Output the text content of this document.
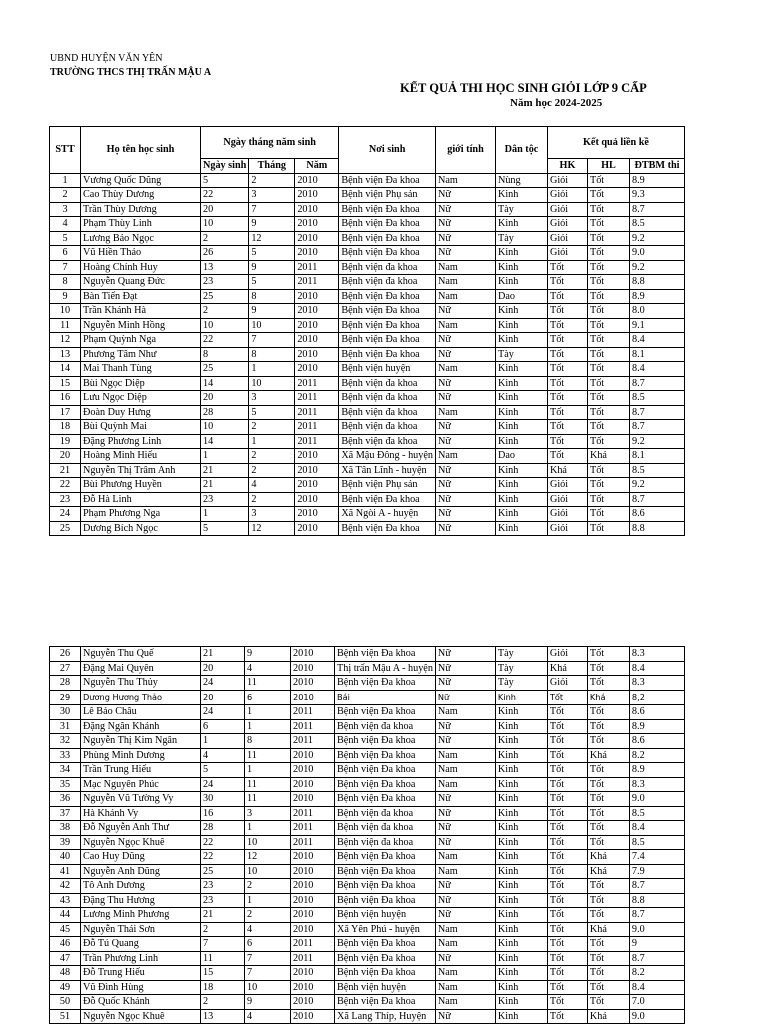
UBND HUYỆN VĂN YÊN
TRƯỜNG THCS THỊ TRẤN MẬU A
KẾT QUẢ THI HỌC SINH GIỎI LỚP 9 CẤP
Năm học 2024-2025
STT	Họ tên học sinh	Ngày tháng năm sinh			Nơi sinh	giới tính	Dân tộc	Kết quả liền kề		
		Ngày sinh	Tháng	Năm				HK	HL	ĐTBM thi
1	Vương Quốc Dũng	5	2	2010	Bệnh viện Đa khoa	Nam	Nùng	Giỏi	Tốt	8.9
2	Cao Thùy Dương	22	3	2010	Bệnh viện Phụ sản	Nữ	Kinh	Giỏi	Tốt	9.3
3	Trần Thùy Dương	20	7	2010	Bệnh viện Đa khoa	Nữ	Tày	Giỏi	Tốt	8.7
4	Phạm Thùy Linh	10	9	2010	Bệnh viện Đa khoa	Nữ	Kinh	Giỏi	Tốt	8.5
5	Lương Bảo Ngọc	2	12	2010	Bệnh viện Đa khoa	Nữ	Tày	Giỏi	Tốt	9.2
6	Vũ Hiền Thảo	26	5	2010	Bệnh viện Đa khoa	Nữ	Kinh	Giỏi	Tốt	9.0
7	Hoàng Chính Huy	13	9	2011	Bệnh viện đa khoa	Nam	Kinh	Tốt	Tốt	9.2
8	Nguyễn Quang Đức	23	5	2011	Bệnh viện đa khoa	Nam	Kinh	Tốt	Tốt	8.8
9	Bàn Tiến Đạt	25	8	2010	Bệnh viện Đa khoa	Nam	Dao	Tốt	Tốt	8.9
10	Trần Khánh Hà	2	9	2010	Bệnh viện Đa khoa	Nữ	Kinh	Tốt	Tốt	8.0
11	Nguyễn Minh Hồng	10	10	2010	Bệnh viện Đa khoa	Nam	Kinh	Tốt	Tốt	9.1
12	Phạm Quỳnh Nga	22	7	2010	Bệnh viện Đa khoa	Nữ	Kinh	Tốt	Tốt	8.4
13	Phương Tâm Như	8	8	2010	Bệnh viện Đa khoa	Nữ	Tày	Tốt	Tốt	8.1
14	Mai Thanh Tùng	25	1	2010	Bệnh viện huyện	Nam	Kinh	Tốt	Tốt	8.4
15	Bùi Ngọc Diệp	14	10	2011	Bệnh viện đa khoa	Nữ	Kinh	Tốt	Tốt	8.7
16	Lưu Ngọc Diệp	20	3	2011	Bệnh viện đa khoa	Nữ	Kinh	Tốt	Tốt	8.5
17	Đoàn Duy Hưng	28	5	2011	Bệnh viện đa khoa	Nam	Kinh	Tốt	Tốt	8.7
18	Bùi Quỳnh Mai	10	2	2011	Bệnh viện đa khoa	Nữ	Kinh	Tốt	Tốt	8.7
19	Đặng Phương Linh	14	1	2011	Bệnh viện đa khoa	Nữ	Kinh	Tốt	Tốt	9.2
20	Hoàng Minh Hiếu	1	2	2010	Xã Mậu Đông - huyện	Nam	Dao	Tốt	Khá	8.1
21	Nguyễn Thị Trâm Anh	21	2	2010	Xã Tân Lĩnh - huyện	Nữ	Kinh	Khá	Tốt	8.5
22	Bùi Phương Huyền	21	4	2010	Bệnh viện Phụ sản	Nữ	Kinh	Giỏi	Tốt	9.2
23	Đỗ Hà Linh	23	2	2010	Bệnh viện Đa khoa	Nữ	Kinh	Giỏi	Tốt	8.7
24	Phạm Phương Nga	1	3	2010	Xã Ngòi A - huyện	Nữ	Kinh	Giỏi	Tốt	8.6
25	Dương Bích Ngọc	5	12	2010	Bệnh viện Đa khoa	Nữ	Kinh	Giỏi	Tốt	8.8
26	Nguyễn Thu Quế	21	9	2010	Bệnh viện Đa khoa	Nữ	Tày	Giỏi	Tốt	8.3
27	Đặng Mai Quyên	20	4	2010	Thị trấn Mậu A - huyện	Nữ	Tày	Khá	Tốt	8.4
28	Nguyễn Thu Thủy	24	11	2010	Bệnh viện Đa khoa	Nữ	Tày	Giỏi	Tốt	8.3
29	Dương Hương Thảo	20	6	2010	Bái	Nữ	Kinh	Tốt	Khá	8,2
30	Lê Bảo Châu	24	1	2011	Bệnh viện Đa khoa	Nam	Kinh	Tốt	Tốt	8.6
31	Đặng Ngân Khánh	6	1	2011	Bệnh viện đa khoa	Nữ	Kinh	Tốt	Tốt	8.9
32	Nguyễn Thị Kim Ngân	1	8	2011	Bệnh viện Đa khoa	Nữ	Kinh	Tốt	Tốt	8.6
33	Phùng Minh Dương	4	11	2010	Bệnh viện Đa khoa	Nam	Kinh	Tốt	Khá	8.2
34	Trần Trung Hiếu	5	1	2010	Bệnh viện Đa khoa	Nam	Kinh	Tốt	Tốt	8.9
35	Mạc Nguyên Phúc	24	11	2010	Bệnh viện Đa khoa	Nam	Kinh	Tốt	Tốt	8.3
36	Nguyễn Vũ Tường Vy	30	11	2010	Bệnh viện Đa khoa	Nữ	Kinh	Tốt	Tốt	9.0
37	Hà Khánh Vy	16	3	2011	Bệnh viện đa khoa	Nữ	Kinh	Tốt	Tốt	8.5
38	Đỗ Nguyễn Anh Thư	28	1	2011	Bệnh viện đa khoa	Nữ	Kinh	Tốt	Tốt	8.4
39	Nguyễn Ngọc Khuê	22	10	2011	Bệnh viện đa khoa	Nữ	Kinh	Tốt	Tốt	8.5
40	Cao Huy Dũng	22	12	2010	Bệnh viện Đa khoa	Nam	Kinh	Tốt	Khá	7.4
41	Nguyễn Anh Dũng	25	10	2010	Bệnh viện Đa khoa	Nam	Kinh	Tốt	Khá	7.9
42	Tô Anh Dương	23	2	2010	Bệnh viện Đa khoa	Nữ	Kinh	Tốt	Tốt	8.7
43	Đặng Thu Hương	23	1	2010	Bệnh viện Đa khoa	Nữ	Kinh	Tốt	Tốt	8.8
44	Lương Minh Phương	21	2	2010	Bệnh viện huyện	Nữ	Kinh	Tốt	Tốt	8.7
45	Nguyễn Thái Sơn	2	4	2010	Xã Yên Phú - huyện	Nam	Kinh	Tốt	Khá	9.0
46	Đỗ Tú Quang	7	6	2011	Bệnh viện Đa khoa	Nam	Kinh	Tốt	Tốt	9
47	Trần Phương Linh	11	7	2011	Bệnh viện Đa khoa	Nữ	Kinh	Tốt	Tốt	8.7
48	Đỗ Trung Hiếu	15	7	2010	Bệnh viện Đa khoa	Nam	Kinh	Tốt	Tốt	8.2
49	Vũ Đình Hùng	18	10	2010	Bệnh viện huyện	Nam	Kinh	Tốt	Tốt	8.4
50	Đỗ Quốc Khánh	2	9	2010	Bệnh viện Đa khoa	Nam	Kinh	Tốt	Tốt	7.0
51	Nguyễn Ngọc Khuê	13	4	2010	Xã Lang Thíp, Huyện	Nữ	Kinh	Tốt	Khá	9.0
